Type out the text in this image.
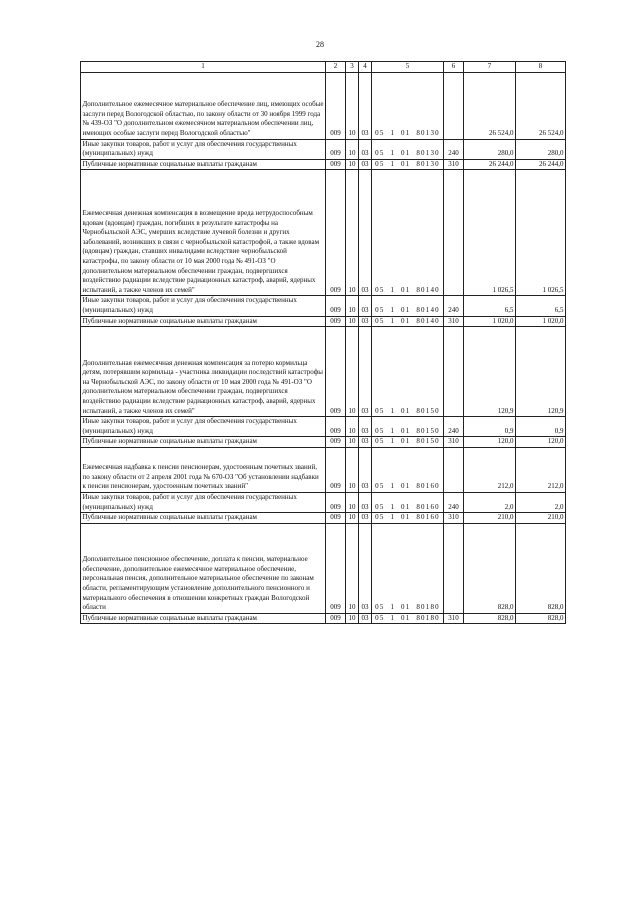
28
1	2	3	4	5	6	7	8
Дополнительное ежемесячное материальное обеспечение лиц, имеющих особые заслуги перед Вологодской областью, по закону области от 30 ноября 1999 года № 439-ОЗ "О дополнительном ежемесячном материальном обеспечении лиц, имеющих особые заслуги перед Вологодской областью"	009	10	03	05  1  01  80130		26 524,0	26 524,0
Иные закупки товаров, работ и услуг для обеспечения государственных (муниципальных) нужд	009	10	03	05  1  01  80130	240	280,0	280,0
Публичные нормативные социальные выплаты гражданам	009	10	03	05  1  01  80130	310	26 244,0	26 244,0
Ежемесячная денежная компенсация в возмещение вреда нетрудоспособным вдовам (вдовцам) граждан, погибших в результате катастрофы на Чернобыльской АЭС, умерших вследствие лучевой болезни и других заболеваний, возникших в связи с чернобыльской катастрофой, а также вдовам (вдовцам) граждан, ставших инвалидами вследствие чернобыльской катастрофы, по закону области от 10 мая 2000 года № 491-ОЗ "О дополнительном материальном обеспечении граждан, подвергшихся воздействию радиации вследствие радиационных катастроф, аварий, ядерных испытаний, а также членов их семей"	009	10	03	05  1  01  80140		1 026,5	1 026,5
Иные закупки товаров, работ и услуг для обеспечения государственных (муниципальных) нужд	009	10	03	05  1  01  80140	240	6,5	6,5
Публичные нормативные социальные выплаты гражданам	009	10	03	05  1  01  80140	310	1 020,0	1 020,0
Дополнительная ежемесячная денежная компенсация за потерю кормильца детям, потерявшим кормильца - участника ликвидации последствий катастрофы на Чернобыльской АЭС, по закону области от 10 мая 2000 года № 491-ОЗ "О дополнительном материальном обеспечении граждан, подвергшихся воздействию радиации вследствие радиационных катастроф, аварий, ядерных испытаний, а также членов их семей"	009	10	03	05  1  01  80150		120,9	120,9
Иные закупки товаров, работ и услуг для обеспечения государственных (муниципальных) нужд	009	10	03	05  1  01  80150	240	0,9	0,9
Публичные нормативные социальные выплаты гражданам	009	10	03	05  1  01  80150	310	120,0	120,0
Ежемесячная надбавка к пенсии пенсионерам, удостоенным почетных званий, по закону области от 2 апреля 2001 года № 670-ОЗ "Об установлении надбавки к пенсии пенсионерам, удостоенным почетных званий"	009	10	03	05  1  01  80160		212,0	212,0
Иные закупки товаров, работ и услуг для обеспечения государственных (муниципальных) нужд	009	10	03	05  1  01  80160	240	2,0	2,0
Публичные нормативные социальные выплаты гражданам	009	10	03	05  1  01  80160	310	210,0	210,0
Дополнительное пенсионное обеспечение, доплата к пенсии, материальное обеспечение, дополнительное ежемесячное материальное обеспечение, персональная пенсия, дополнительное материальное обеспечение по законам области, регламентирующим установление дополнительного пенсионного и материального обеспечения в отношении конкретных граждан Вологодской области	009	10	03	05  1  01  80180		828,0	828,0
Публичные нормативные социальные выплаты гражданам	009	10	03	05  1  01  80180	310	828,0	828,0
